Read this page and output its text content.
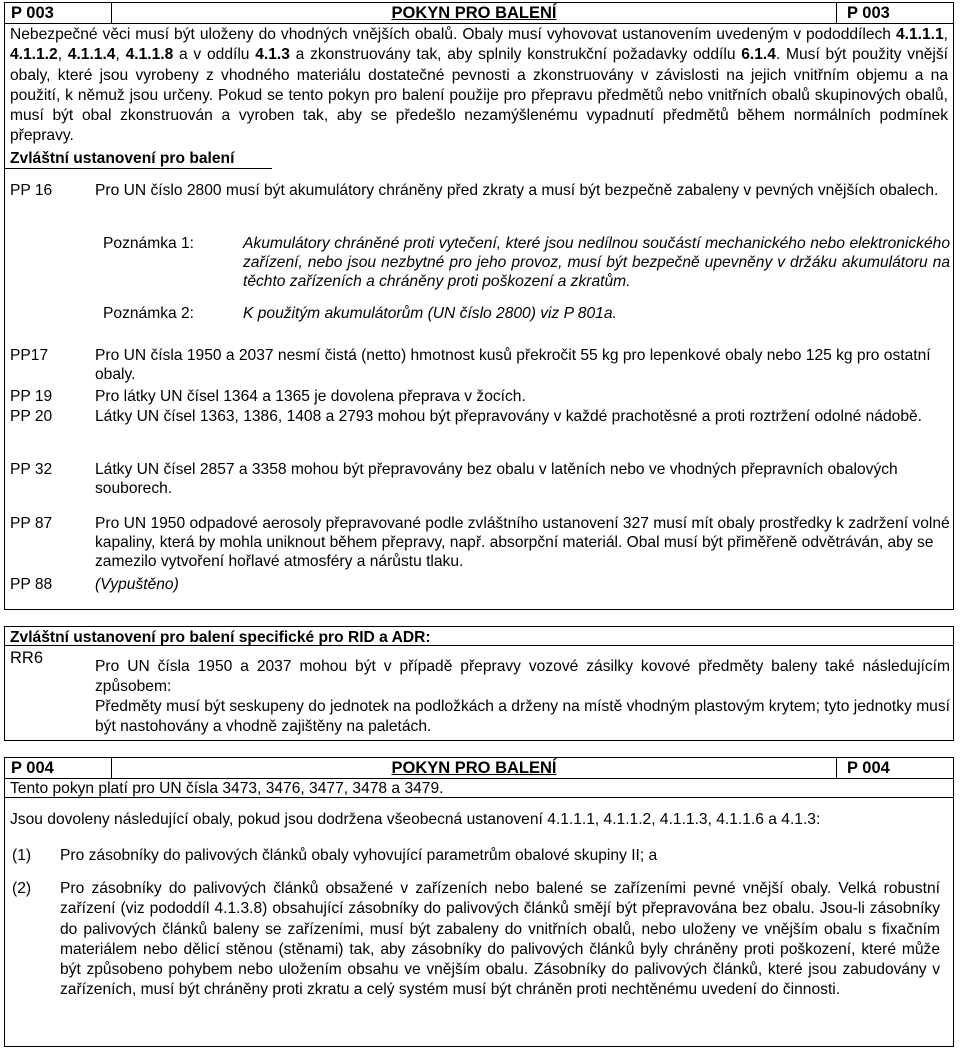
P 003	POKYN PRO BALENÍ	P 003

Nebezpečné věci musí být uloženy do vhodných vnějších obalů. Obaly musí vyhovovat ustanovením uvedeným v pododdílech 4.1.1.1, 4.1.1.2, 4.1.1.4, 4.1.1.8 a v oddílu 4.1.3 a zkonstruovány tak, aby splnily konstrukční požadavky oddílu 6.1.4. Musí být použity vnější obaly, které jsou vyrobeny z vhodného materiálu dostatečné pevnosti a zkonstruovány v závislosti na jejich vnitřním objemu a na použití, k němuž jsou určeny. Pokud se tento pokyn pro balení použije pro přepravu předmětů nebo vnitřních obalů skupinových obalů, musí být obal zkonstruován a vyroben tak, aby se předešlo nezamýšlenému vypadnutí předmětů během normálních podmínek přepravy.

Zvláštní ustanovení pro balení

PP 16	Pro UN číslo 2800 musí být akumulátory chráněny před zkraty a musí být bezpečně zabaleny v pevných vnějších obalech.

Poznámka 1:	Akumulátory chráněné proti vytečení, které jsou nedílnou součástí mechanického nebo elektronického zařízení, nebo jsou nezbytné pro jeho provoz, musí být bezpečně upevněny v držáku akumulátoru na těchto zařízeních a chráněny proti poškození a zkratům.

Poznámka 2:	K použitým akumulátorům (UN číslo 2800) viz P 801a.

PP17	Pro UN čísla 1950 a 2037 nesmí čistá (netto) hmotnost kusů překročit 55 kg pro lepenkové obaly nebo 125 kg pro ostatní obaly.

PP 19	Pro látky UN čísel 1364 a 1365 je dovolena přeprava v žocích.

PP 20	Látky UN čísel 1363, 1386, 1408 a 2793 mohou být přepravovány v každé prachotěsné a proti roztržení odolné nádobě.

PP 32	Látky UN čísel 2857 a 3358 mohou být přepravovány bez obalu v latěních nebo ve vhodných přepravních obalových souborech.

PP 87	Pro UN 1950 odpadové aerosoly přepravované podle zvláštního ustanovení 327 musí mít obaly prostředky k zadržení volné kapaliny, která by mohla uniknout během přepravy, např. absorpční materiál. Obal musí být přiměřeně odvětráván, aby se zamezilo vytvoření hořlavé atmosféry a nárůstu tlaku.

PP 88	(Vypuštěno)

Zvláštní ustanovení pro balení specifické pro RID a ADR:

RR6	Pro UN čísla 1950 a 2037 mohou být v případě přepravy vozové zásilky kovové předměty baleny také následujícím způsobem:

Předměty musí být seskupeny do jednotek na podložkách a drženy na místě vhodným plastovým krytem; tyto jednotky musí být nastohovány a vhodně zajištěny na paletách.

P 004	POKYN PRO BALENÍ	P 004

Tento pokyn platí pro UN čísla 3473, 3476, 3477, 3478 a 3479.

Jsou dovoleny následující obaly, pokud jsou dodržena všeobecná ustanovení 4.1.1.1, 4.1.1.2, 4.1.1.3, 4.1.1.6 a 4.1.3:

(1) Pro zásobníky do palivových článků obaly vyhovující parametrům obalové skupiny II; a

(2) Pro zásobníky do palivových článků obsažené v zařízeních nebo balené se zařízeními pevné vnější obaly. Velká robustní zařízení (viz pododdíl 4.1.3.8) obsahující zásobníky do palivových článků smějí být přepravována bez obalu. Jsou-li zásobníky do palivových článků baleny se zařízeními, musí být zabaleny do vnitřních obalů, nebo uloženy ve vnějším obalu s fixačním materiálem nebo dělicí stěnou (stěnami) tak, aby zásobníky do palivových článků byly chráněny proti poškození, které může být způsobeno pohybem nebo uložením obsahu ve vnějším obalu. Zásobníky do palivových článků, které jsou zabudovány v zařízeních, musí být chráněny proti zkratu a celý systém musí být chráněn proti nechtěnému uvedení do činnosti.
